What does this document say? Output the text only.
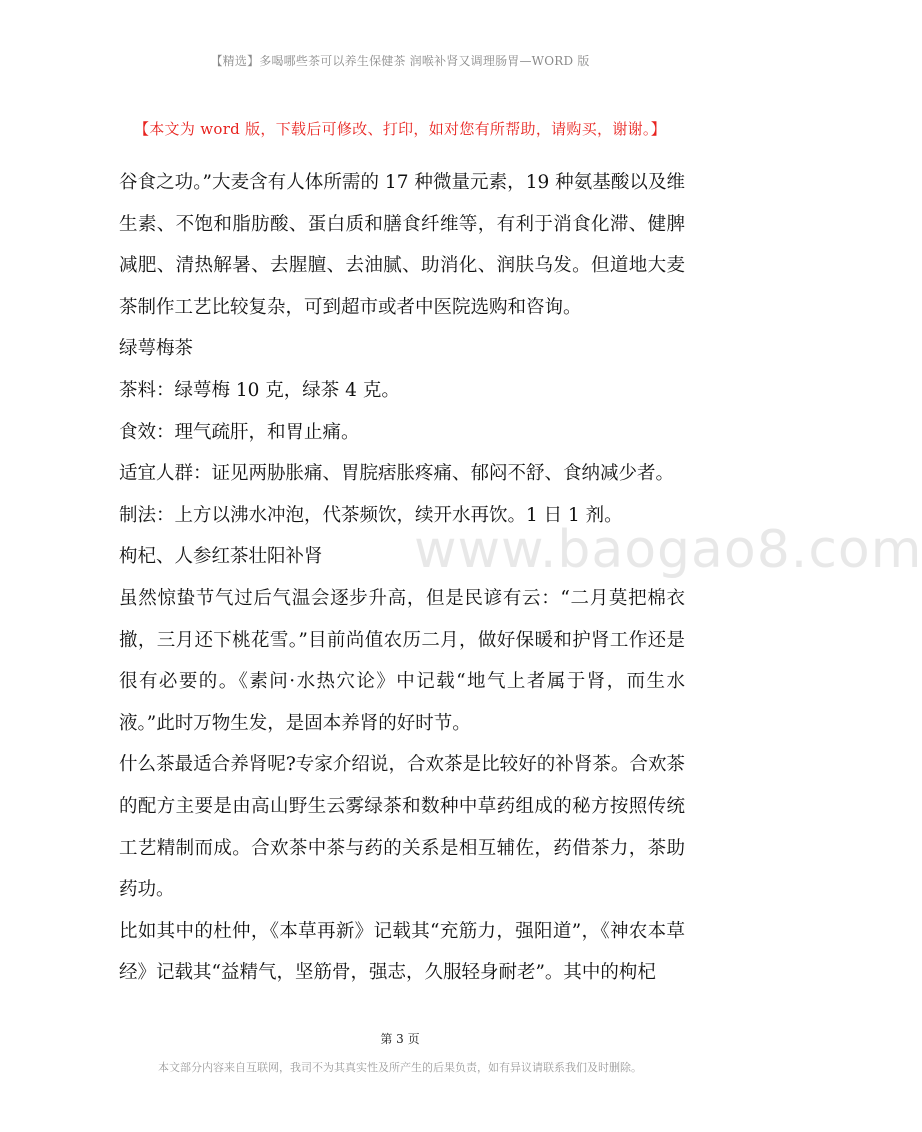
【精选】多喝哪些茶可以养生保健茶 润喉补肾又调理肠胃—WORD 版
【本文为 word 版，下载后可修改、打印，如对您有所帮助，请购买，谢谢。】
www.baogao8.com

谷食之功。”大麦含有人体所需的 17 种微量元素，19 种氨基酸以及维生素、不饱和脂肪酸、蛋白质和膳食纤维等，有利于消食化滞、健脾减肥、清热解暑、去腥膻、去油腻、助消化、润肤乌发。但道地大麦茶制作工艺比较复杂，可到超市或者中医院选购和咨询。

绿萼梅茶

茶料：绿萼梅 10 克，绿茶 4 克。

食效：理气疏肝，和胃止痛。

适宜人群：证见两胁胀痛、胃脘痞胀疼痛、郁闷不舒、食纳减少者。

制法：上方以沸水冲泡，代茶频饮，续开水再饮。1 日 1 剂。

枸杞、人参红茶壮阳补肾

虽然惊蛰节气过后气温会逐步升高，但是民谚有云：“二月莫把棉衣撤，三月还下桃花雪。”目前尚值农历二月，做好保暖和护肾工作还是很有必要的。《素问·水热穴论》中记载“地气上者属于肾，而生水液。”此时万物生发，是固本养肾的好时节。

什么茶最适合养肾呢?专家介绍说，合欢茶是比较好的补肾茶。合欢茶的配方主要是由高山野生云雾绿茶和数种中草药组成的秘方按照传统工艺精制而成。合欢茶中茶与药的关系是相互辅佐，药借茶力，茶助药功。

比如其中的杜仲，《本草再新》记载其“充筋力，强阳道”，《神农本草经》记载其“益精气，坚筋骨，强志，久服轻身耐老”。其中的枸杞

第 3 页
本文部分内容来自互联网，我司不为其真实性及所产生的后果负责，如有异议请联系我们及时删除。
